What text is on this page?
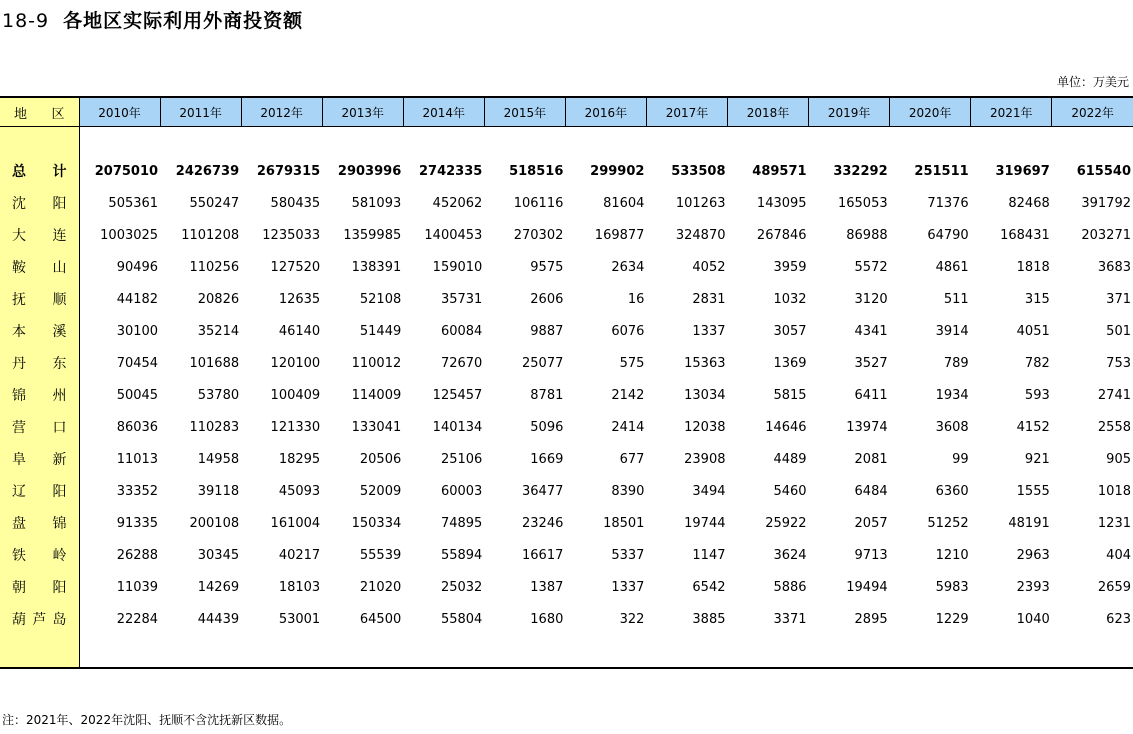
18-9 各地区实际利用外商投资额
单位：万美元
地区	2010年	2011年	2012年	2013年	2014年	2015年	2016年	2017年	2018年	2019年	2020年	2021年	2022年

总计	2075010	2426739	2679315	2903996	2742335	518516	299902	533508	489571	332292	251511	319697	615540
沈阳	505361	550247	580435	581093	452062	106116	81604	101263	143095	165053	71376	82468	391792
大连	1003025	1101208	1235033	1359985	1400453	270302	169877	324870	267846	86988	64790	168431	203271
鞍山	90496	110256	127520	138391	159010	9575	2634	4052	3959	5572	4861	1818	3683
抚顺	44182	20826	12635	52108	35731	2606	16	2831	1032	3120	511	315	371
本溪	30100	35214	46140	51449	60084	9887	6076	1337	3057	4341	3914	4051	501
丹东	70454	101688	120100	110012	72670	25077	575	15363	1369	3527	789	782	753
锦州	50045	53780	100409	114009	125457	8781	2142	13034	5815	6411	1934	593	2741
营口	86036	110283	121330	133041	140134	5096	2414	12038	14646	13974	3608	4152	2558
阜新	11013	14958	18295	20506	25106	1669	677	23908	4489	2081	99	921	905
辽阳	33352	39118	45093	52009	60003	36477	8390	3494	5460	6484	6360	1555	1018
盘锦	91335	200108	161004	150334	74895	23246	18501	19744	25922	2057	51252	48191	1231
铁岭	26288	30345	40217	55539	55894	16617	5337	1147	3624	9713	1210	2963	404
朝阳	11039	14269	18103	21020	25032	1387	1337	6542	5886	19494	5983	2393	2659
葫芦岛	22284	44439	53001	64500	55804	1680	322	3885	3371	2895	1229	1040	623

注：2021年、2022年沈阳、抚顺不含沈抚新区数据。
